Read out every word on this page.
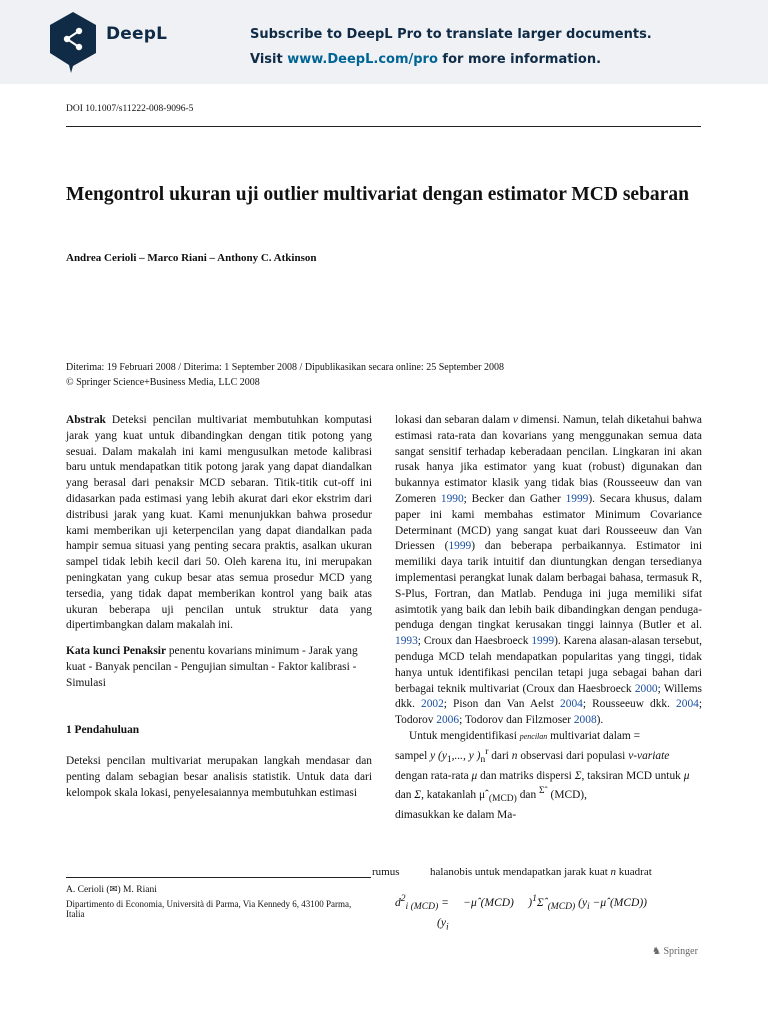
DeepL	Subscribe to DeepL Pro to translate larger documents.
Visit www.DeepL.com/pro for more information.
DOI 10.1007/s11222-008-9096-5
Mengontrol ukuran uji outlier multivariat dengan estimator MCD sebaran
Andrea Cerioli – Marco Riani – Anthony C. Atkinson
Diterima: 19 Februari 2008 / Diterima: 1 September 2008 / Dipublikasikan secara online: 25 September 2008
© Springer Science+Business Media, LLC 2008

Abstrak Deteksi pencilan multivariat membutuhkan komputasi jarak yang kuat untuk dibandingkan dengan titik potong yang sesuai. Dalam makalah ini kami mengusulkan metode kalibrasi baru untuk mendapatkan titik potong jarak yang dapat diandalkan yang berasal dari penaksir MCD sebaran. Titik-titik cut-off ini didasarkan pada estimasi yang lebih akurat dari ekor ekstrim dari distribusi jarak yang kuat. Kami menunjukkan bahwa prosedur kami memberikan uji keterpencilan yang dapat diandalkan pada hampir semua situasi yang penting secara praktis, asalkan ukuran sampel tidak lebih kecil dari 50. Oleh karena itu, ini merupakan peningkatan yang cukup besar atas semua prosedur MCD yang tersedia, yang tidak dapat memberikan kontrol yang baik atas ukuran beberapa uji pencilan untuk struktur data yang dipertimbangkan dalam makalah ini.

Kata kunci Penaksir penentu kovarians minimum - Jarak yang kuat - Banyak pencilan - Pengujian simultan - Faktor kalibrasi - Simulasi

1 Pendahuluan

Deteksi pencilan multivariat merupakan langkah mendasar dan penting dalam sebagian besar analisis statistik. Untuk data dari kelompok skala lokasi, penyelesaiannya membutuhkan estimasi

lokasi dan sebaran dalam v dimensi. Namun, telah diketahui bahwa estimasi rata-rata dan kovarians yang menggunakan semua data sangat sensitif terhadap keberadaan pencilan. Lingkaran ini akan rusak hanya jika estimator yang kuat (robust) digunakan dan bukannya estimator klasik yang tidak bias (Rousseeuw dan van Zomeren 1990; Becker dan Gather 1999). Secara khusus, dalam paper ini kami membahas estimator Minimum Covariance Determinant (MCD) yang sangat kuat dari Rousseeuw dan Van Driessen (1999) dan beberapa perbaikannya. Estimator ini memiliki daya tarik intuitif dan diuntungkan dengan tersedianya implementasi perangkat lunak dalam berbagai bahasa, termasuk R, S-Plus, Fortran, dan Matlab. Penduga ini juga memiliki sifat asimtotik yang baik dan lebih baik dibandingkan dengan penduga-penduga dengan tingkat kerusakan tinggi lainnya (Butler et al. 1993; Croux dan Haesbroeck 1999). Karena alasan-alasan tersebut, penduga MCD telah mendapatkan popularitas yang tinggi, tidak hanya untuk identifikasi pencilan tetapi juga sebagai bahan dari berbagai teknik multivariat (Croux dan Haesbroeck 2000; Willems dkk. 2002; Pison dan Van Aelst 2004; Rousseeuw dkk. 2004; Todorov 2006; Todorov dan Filzmoser 2008).

Untuk mengidentifikasi pencilan multivariat dalam =
sampel y ($y_1$,..., y )$_n^r$ dari n observasi dari populasi v-variate dengan rata-rata μ dan matriks dispersi Σ, taksiran MCD untuk μ dan Σ, katakanlah μˆ$_{(MCD)}$ dan $^{\Sigma ˆ}$ (MCD),
dimasukkan ke dalam Ma-

rumus	halanobis untuk mendapatkan jarak kuat n kuadrat
A. Cerioli (✉) M. Riani
Dipartimento di Economia, Università di Parma, Via Kennedy 6, 43100 Parma, Italia
$d^2_{i (MCD)}$ = −μˆ(MCD) )$^1$Σˆ$_{(MCD)}$ ($y_i$ −μˆ(MCD))
($y_i$
♞ Springer
